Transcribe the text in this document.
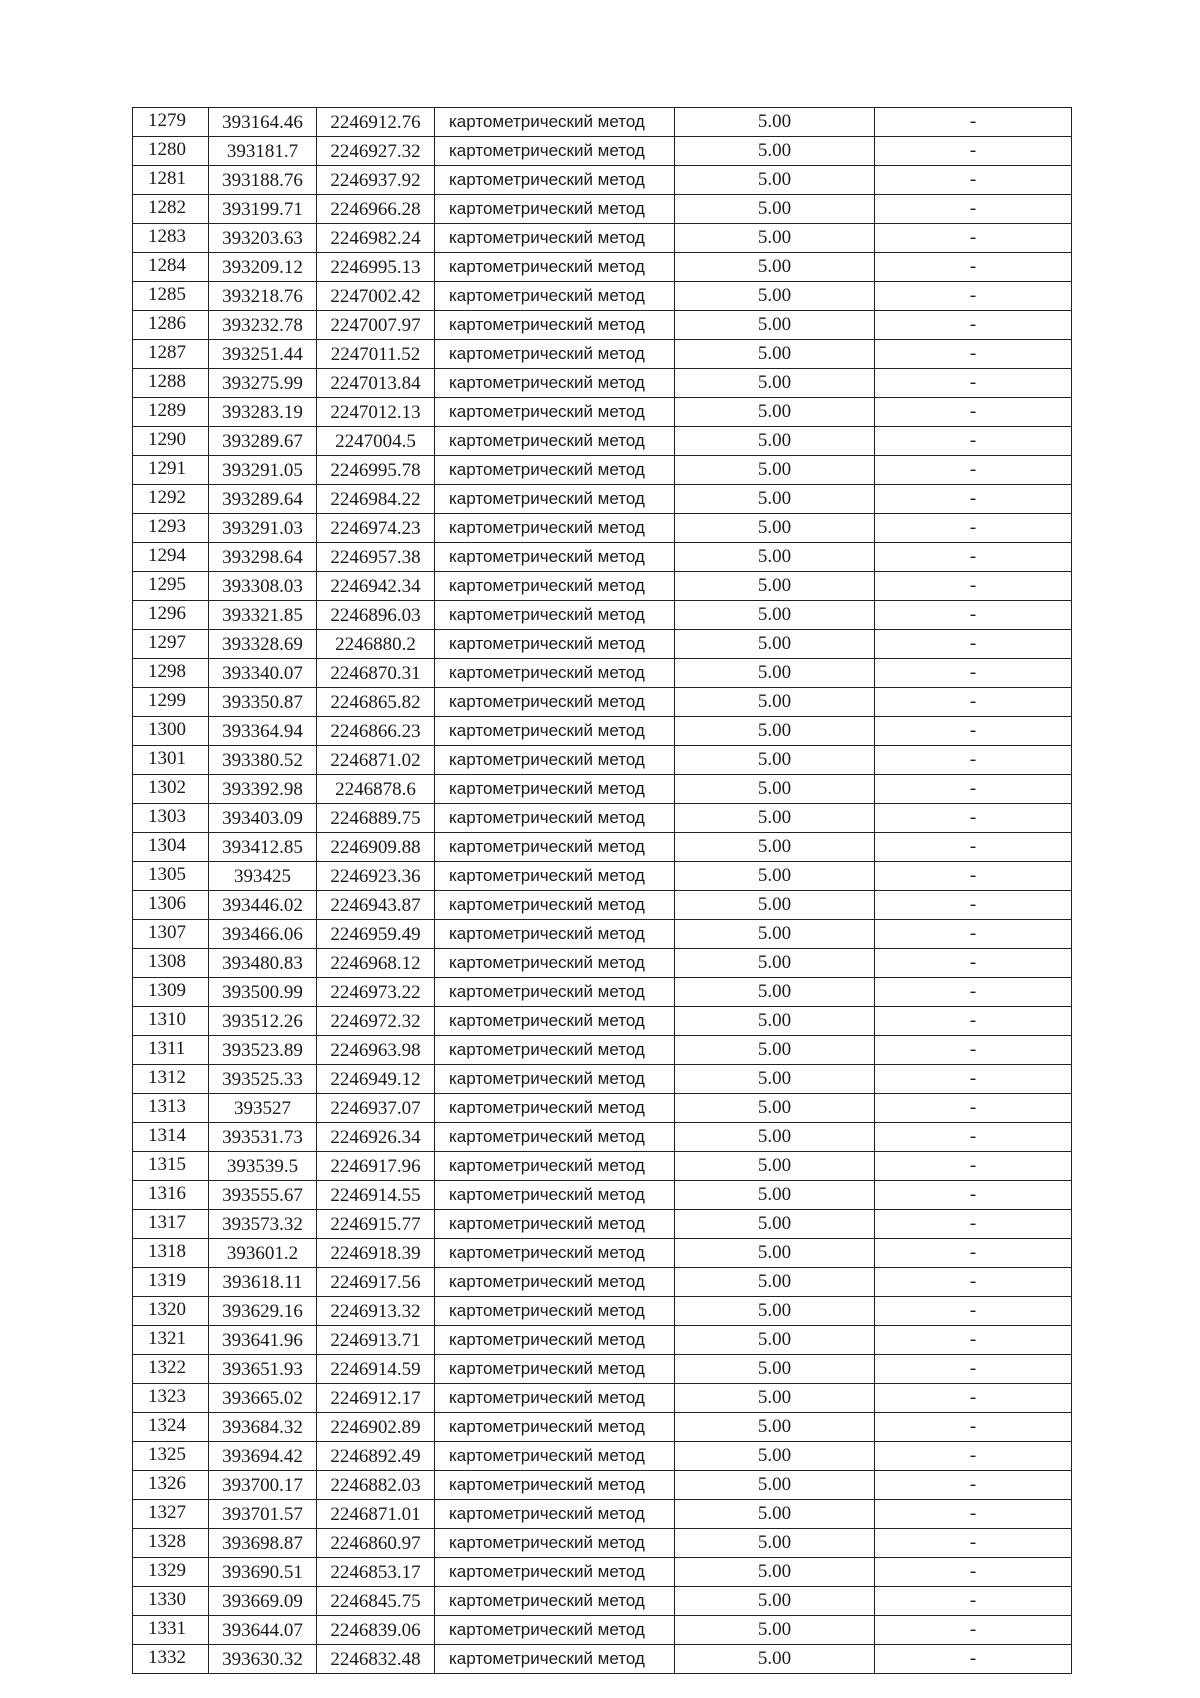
1279	393164.46	2246912.76	картометрический метод	5.00	-
1280	393181.7	2246927.32	картометрический метод	5.00	-
1281	393188.76	2246937.92	картометрический метод	5.00	-
1282	393199.71	2246966.28	картометрический метод	5.00	-
1283	393203.63	2246982.24	картометрический метод	5.00	-
1284	393209.12	2246995.13	картометрический метод	5.00	-
1285	393218.76	2247002.42	картометрический метод	5.00	-
1286	393232.78	2247007.97	картометрический метод	5.00	-
1287	393251.44	2247011.52	картометрический метод	5.00	-
1288	393275.99	2247013.84	картометрический метод	5.00	-
1289	393283.19	2247012.13	картометрический метод	5.00	-
1290	393289.67	2247004.5	картометрический метод	5.00	-
1291	393291.05	2246995.78	картометрический метод	5.00	-
1292	393289.64	2246984.22	картометрический метод	5.00	-
1293	393291.03	2246974.23	картометрический метод	5.00	-
1294	393298.64	2246957.38	картометрический метод	5.00	-
1295	393308.03	2246942.34	картометрический метод	5.00	-
1296	393321.85	2246896.03	картометрический метод	5.00	-
1297	393328.69	2246880.2	картометрический метод	5.00	-
1298	393340.07	2246870.31	картометрический метод	5.00	-
1299	393350.87	2246865.82	картометрический метод	5.00	-
1300	393364.94	2246866.23	картометрический метод	5.00	-
1301	393380.52	2246871.02	картометрический метод	5.00	-
1302	393392.98	2246878.6	картометрический метод	5.00	-
1303	393403.09	2246889.75	картометрический метод	5.00	-
1304	393412.85	2246909.88	картометрический метод	5.00	-
1305	393425	2246923.36	картометрический метод	5.00	-
1306	393446.02	2246943.87	картометрический метод	5.00	-
1307	393466.06	2246959.49	картометрический метод	5.00	-
1308	393480.83	2246968.12	картометрический метод	5.00	-
1309	393500.99	2246973.22	картометрический метод	5.00	-
1310	393512.26	2246972.32	картометрический метод	5.00	-
1311	393523.89	2246963.98	картометрический метод	5.00	-
1312	393525.33	2246949.12	картометрический метод	5.00	-
1313	393527	2246937.07	картометрический метод	5.00	-
1314	393531.73	2246926.34	картометрический метод	5.00	-
1315	393539.5	2246917.96	картометрический метод	5.00	-
1316	393555.67	2246914.55	картометрический метод	5.00	-
1317	393573.32	2246915.77	картометрический метод	5.00	-
1318	393601.2	2246918.39	картометрический метод	5.00	-
1319	393618.11	2246917.56	картометрический метод	5.00	-
1320	393629.16	2246913.32	картометрический метод	5.00	-
1321	393641.96	2246913.71	картометрический метод	5.00	-
1322	393651.93	2246914.59	картометрический метод	5.00	-
1323	393665.02	2246912.17	картометрический метод	5.00	-
1324	393684.32	2246902.89	картометрический метод	5.00	-
1325	393694.42	2246892.49	картометрический метод	5.00	-
1326	393700.17	2246882.03	картометрический метод	5.00	-
1327	393701.57	2246871.01	картометрический метод	5.00	-
1328	393698.87	2246860.97	картометрический метод	5.00	-
1329	393690.51	2246853.17	картометрический метод	5.00	-
1330	393669.09	2246845.75	картометрический метод	5.00	-
1331	393644.07	2246839.06	картометрический метод	5.00	-
1332	393630.32	2246832.48	картометрический метод	5.00	-
